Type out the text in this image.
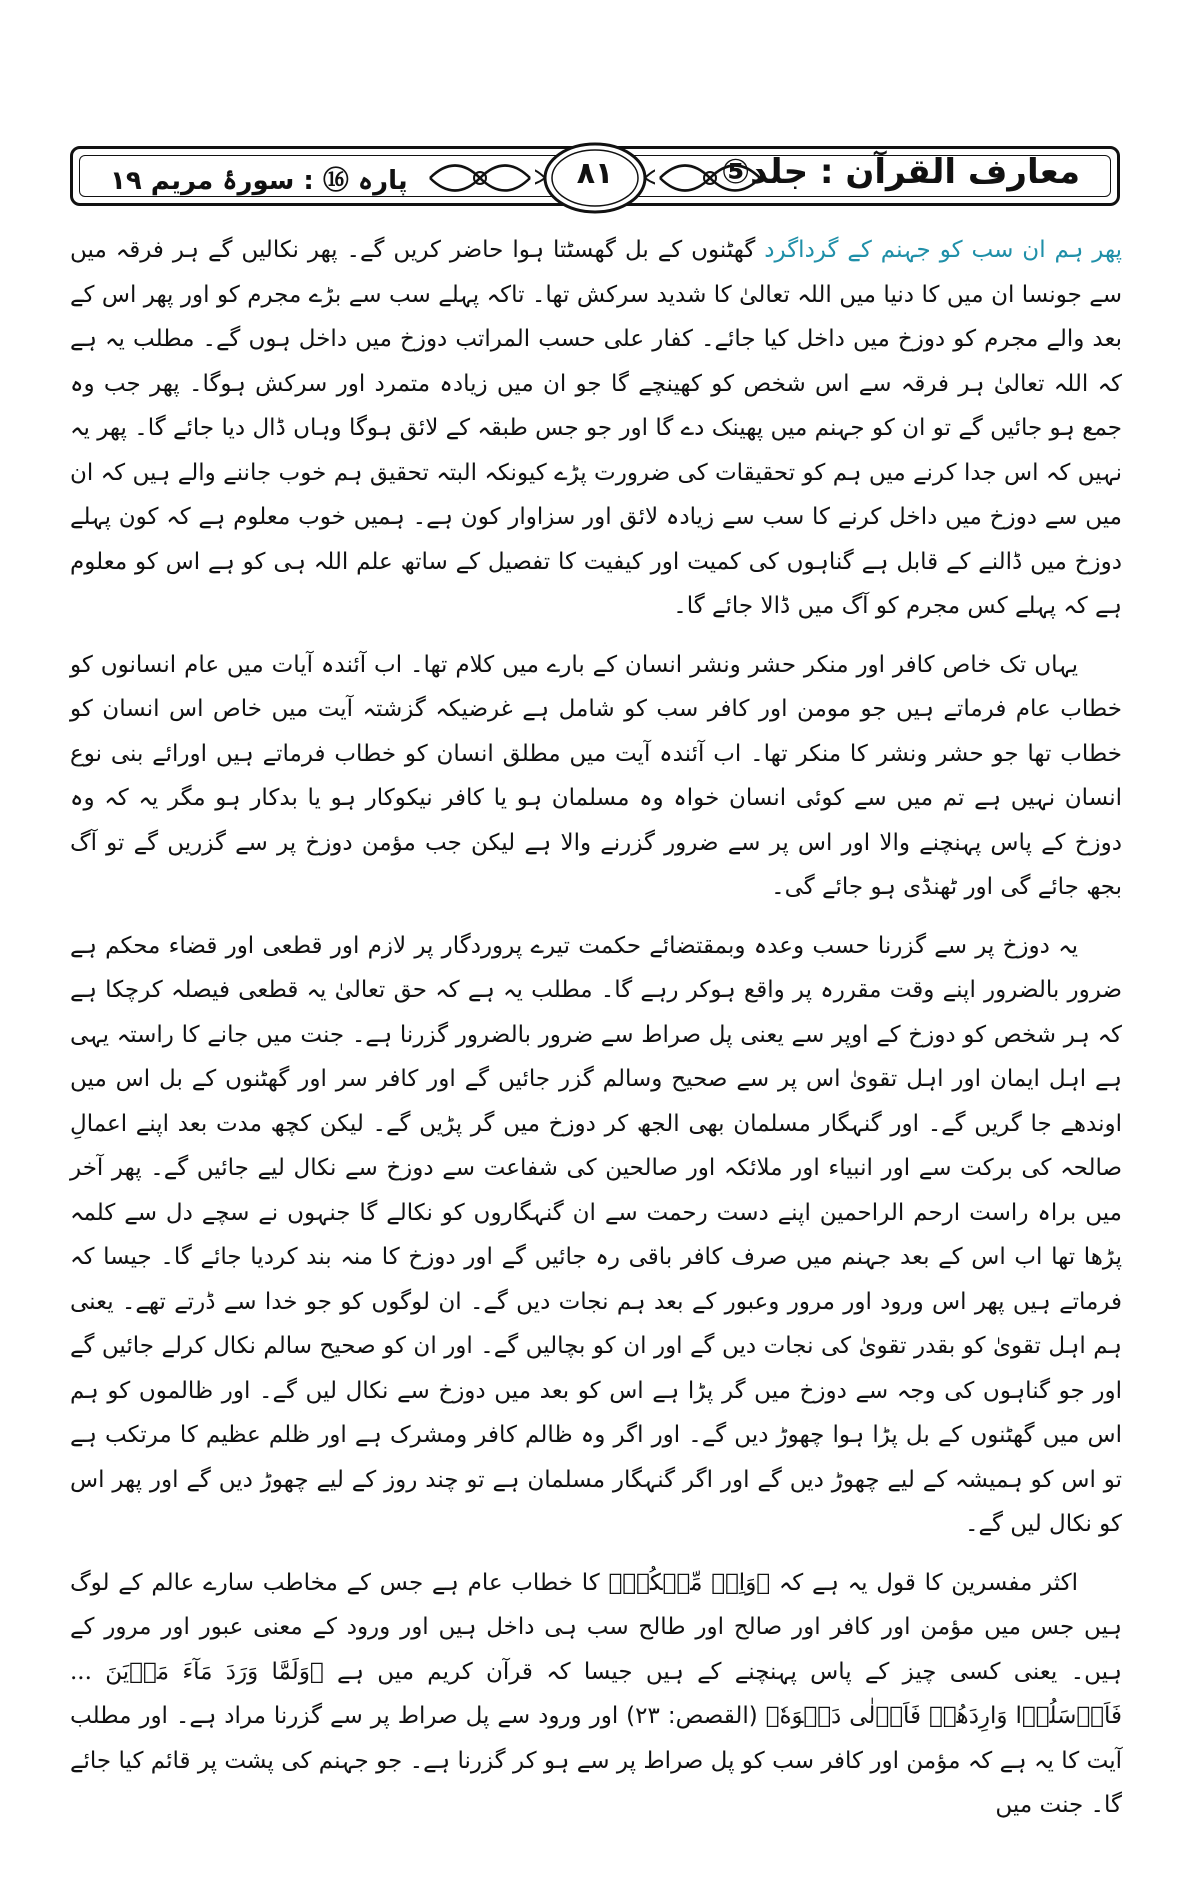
معارف القرآن : جلد⑤
پارہ ⑯ : سورۂ مریم ۱۹	۸۱

پھر ہم ان سب کو جہنم کے گرداگرد گھٹنوں کے بل گھسٹتا ہوا حاضر کریں گے۔ پھر نکالیں گے ہر فرقہ میں سے جونسا ان میں کا دنیا میں اللہ تعالیٰ کا شدید سرکش تھا۔ تاکہ پہلے سب سے بڑے مجرم کو اور پھر اس کے بعد والے مجرم کو دوزخ میں داخل کیا جائے۔ کفار علی حسب المراتب دوزخ میں داخل ہوں گے۔ مطلب یہ ہے کہ اللہ تعالیٰ ہر فرقہ سے اس شخص کو کھینچے گا جو ان میں زیادہ متمرد اور سرکش ہوگا۔ پھر جب وہ جمع ہو جائیں گے تو ان کو جہنم میں پھینک دے گا اور جو جس طبقہ کے لائق ہوگا وہاں ڈال دیا جائے گا۔ پھر یہ نہیں کہ اس جدا کرنے میں ہم کو تحقیقات کی ضرورت پڑے کیونکہ البتہ تحقیق ہم خوب جاننے والے ہیں کہ ان میں سے دوزخ میں داخل کرنے کا سب سے زیادہ لائق اور سزاوار کون ہے۔ ہمیں خوب معلوم ہے کہ کون پہلے دوزخ میں ڈالنے کے قابل ہے گناہوں کی کمیت اور کیفیت کا تفصیل کے ساتھ علم اللہ ہی کو ہے اس کو معلوم ہے کہ پہلے کس مجرم کو آگ میں ڈالا جائے گا۔

یہاں تک خاص کافر اور منکر حشر ونشر انسان کے بارے میں کلام تھا۔ اب آئندہ آیات میں عام انسانوں کو خطاب عام فرماتے ہیں جو مومن اور کافر سب کو شامل ہے غرضیکہ گزشتہ آیت میں خاص اس انسان کو خطاب تھا جو حشر ونشر کا منکر تھا۔ اب آئندہ آیت میں مطلق انسان کو خطاب فرماتے ہیں اورائے بنی نوع انسان نہیں ہے تم میں سے کوئی انسان خواہ وہ مسلمان ہو یا کافر نیکوکار ہو یا بدکار ہو مگر یہ کہ وہ دوزخ کے پاس پہنچنے والا اور اس پر سے ضرور گزرنے والا ہے لیکن جب مؤمن دوزخ پر سے گزریں گے تو آگ بجھ جائے گی اور ٹھنڈی ہو جائے گی۔

یہ دوزخ پر سے گزرنا حسب وعدہ وبمقتضائے حکمت تیرے پروردگار پر لازم اور قطعی اور قضاء محکم ہے ضرور بالضرور اپنے وقت مقررہ پر واقع ہوکر رہے گا۔ مطلب یہ ہے کہ حق تعالیٰ یہ قطعی فیصلہ کرچکا ہے کہ ہر شخص کو دوزخ کے اوپر سے یعنی پل صراط سے ضرور بالضرور گزرنا ہے۔ جنت میں جانے کا راستہ یہی ہے اہل ایمان اور اہل تقویٰ اس پر سے صحیح وسالم گزر جائیں گے اور کافر سر اور گھٹنوں کے بل اس میں اوندھے جا گریں گے۔ اور گنہگار مسلمان بھی الجھ کر دوزخ میں گر پڑیں گے۔ لیکن کچھ مدت بعد اپنے اعمالِ صالحہ کی برکت سے اور انبیاء اور ملائکہ اور صالحین کی شفاعت سے دوزخ سے نکال لیے جائیں گے۔ پھر آخر میں براہ راست ارحم الراحمین اپنے دست رحمت سے ان گنہگاروں کو نکالے گا جنہوں نے سچے دل سے کلمہ پڑھا تھا اب اس کے بعد جہنم میں صرف کافر باقی رہ جائیں گے اور دوزخ کا منہ بند کردیا جائے گا۔ جیسا کہ فرماتے ہیں پھر اس ورود اور مرور وعبور کے بعد ہم نجات دیں گے۔ ان لوگوں کو جو خدا سے ڈرتے تھے۔ یعنی ہم اہل تقویٰ کو بقدر تقویٰ کی نجات دیں گے اور ان کو بچالیں گے۔ اور ان کو صحیح سالم نکال کرلے جائیں گے اور جو گناہوں کی وجہ سے دوزخ میں گر پڑا ہے اس کو بعد میں دوزخ سے نکال لیں گے۔ اور ظالموں کو ہم اس میں گھٹنوں کے بل پڑا ہوا چھوڑ دیں گے۔ اور اگر وہ ظالم کافر ومشرک ہے اور ظلم عظیم کا مرتکب ہے تو اس کو ہمیشہ کے لیے چھوڑ دیں گے اور اگر گنہگار مسلمان ہے تو چند روز کے لیے چھوڑ دیں گے اور پھر اس کو نکال لیں گے۔

اکثر مفسرین کا قول یہ ہے کہ ﴿وَاِنۡ مِّنۡکُمۡ﴾ کا خطاب عام ہے جس کے مخاطب سارے عالم کے لوگ ہیں جس میں مؤمن اور کافر اور صالح اور طالح سب ہی داخل ہیں اور ورود کے معنی عبور اور مرور کے ہیں۔ یعنی کسی چیز کے پاس پہنچنے کے ہیں جیسا کہ قرآن کریم میں ہے ﴿وَلَمَّا وَرَدَ مَآءَ مَدۡیَنَ ... فَاَرۡسَلُوۡا وَارِدَهُمۡ فَاَدۡلٰی دَلۡوَهٗ﴾ (القصص: ۲۳) اور ورود سے پل صراط پر سے گزرنا مراد ہے۔ اور مطلب آیت کا یہ ہے کہ مؤمن اور کافر سب کو پل صراط پر سے ہو کر گزرنا ہے۔ جو جہنم کی پشت پر قائم کیا جائے گا۔ جنت میں
